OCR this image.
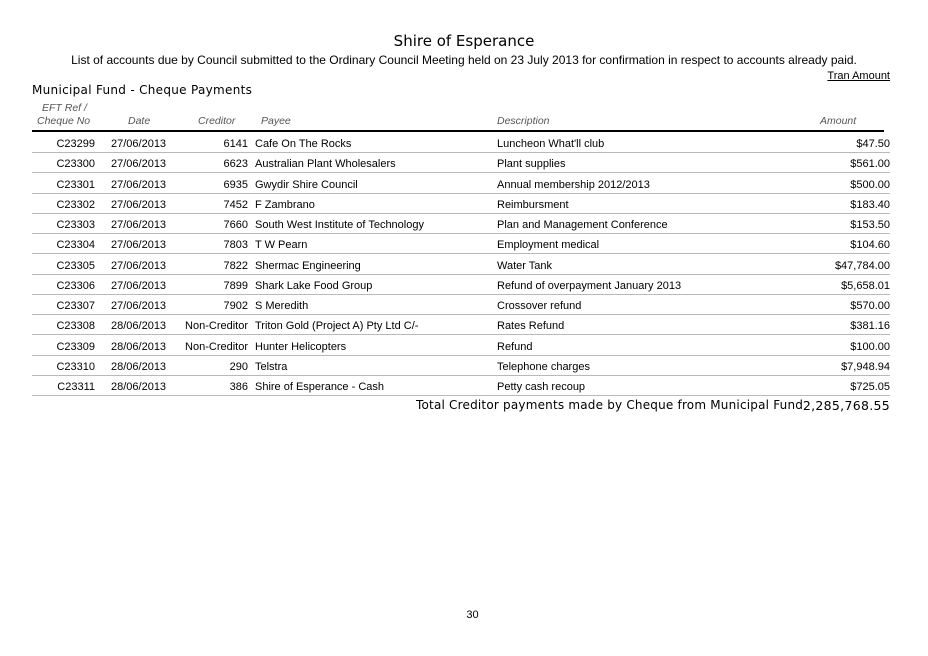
Shire of Esperance
List of accounts due by Council submitted to the Ordinary Council Meeting held on 23 July 2013 for confirmation in respect to accounts already paid.
Tran Amount
Municipal Fund - Cheque Payments
EFT Ref /
Cheque No	Date	Creditor Payee	Description	Amount
C23299 27/06/2013	6141 Cafe On The Rocks	Luncheon What'll club	$47.50
C23300 27/06/2013	6623 Australian Plant Wholesalers	Plant supplies	$561.00
C23301 27/06/2013	6935 Gwydir Shire Council	Annual membership 2012/2013	$500.00
C23302 27/06/2013	7452 F Zambrano	Reimbursment	$183.40
C23303 27/06/2013	7660 South West Institute of Technology	Plan and Management Conference	$153.50
C23304 27/06/2013	7803 T W Pearn	Employment medical	$104.60
C23305 27/06/2013	7822 Shermac Engineering	Water Tank	$47,784.00
C23306 27/06/2013	7899 Shark Lake Food Group	Refund of overpayment January 2013	$5,658.01
C23307 27/06/2013	7902 S Meredith	Crossover refund	$570.00
C23308 28/06/2013	Non-Creditor Triton Gold (Project A) Pty Ltd C/-	Rates Refund	$381.16
C23309 28/06/2013	Non-Creditor Hunter Helicopters	Refund	$100.00
C23310 28/06/2013	290 Telstra	Telephone charges	$7,948.94
C23311 28/06/2013	386 Shire of Esperance - Cash	Petty cash recoup	$725.05
Total Creditor payments made by Cheque from Municipal Fund 2,285,768.55
30
